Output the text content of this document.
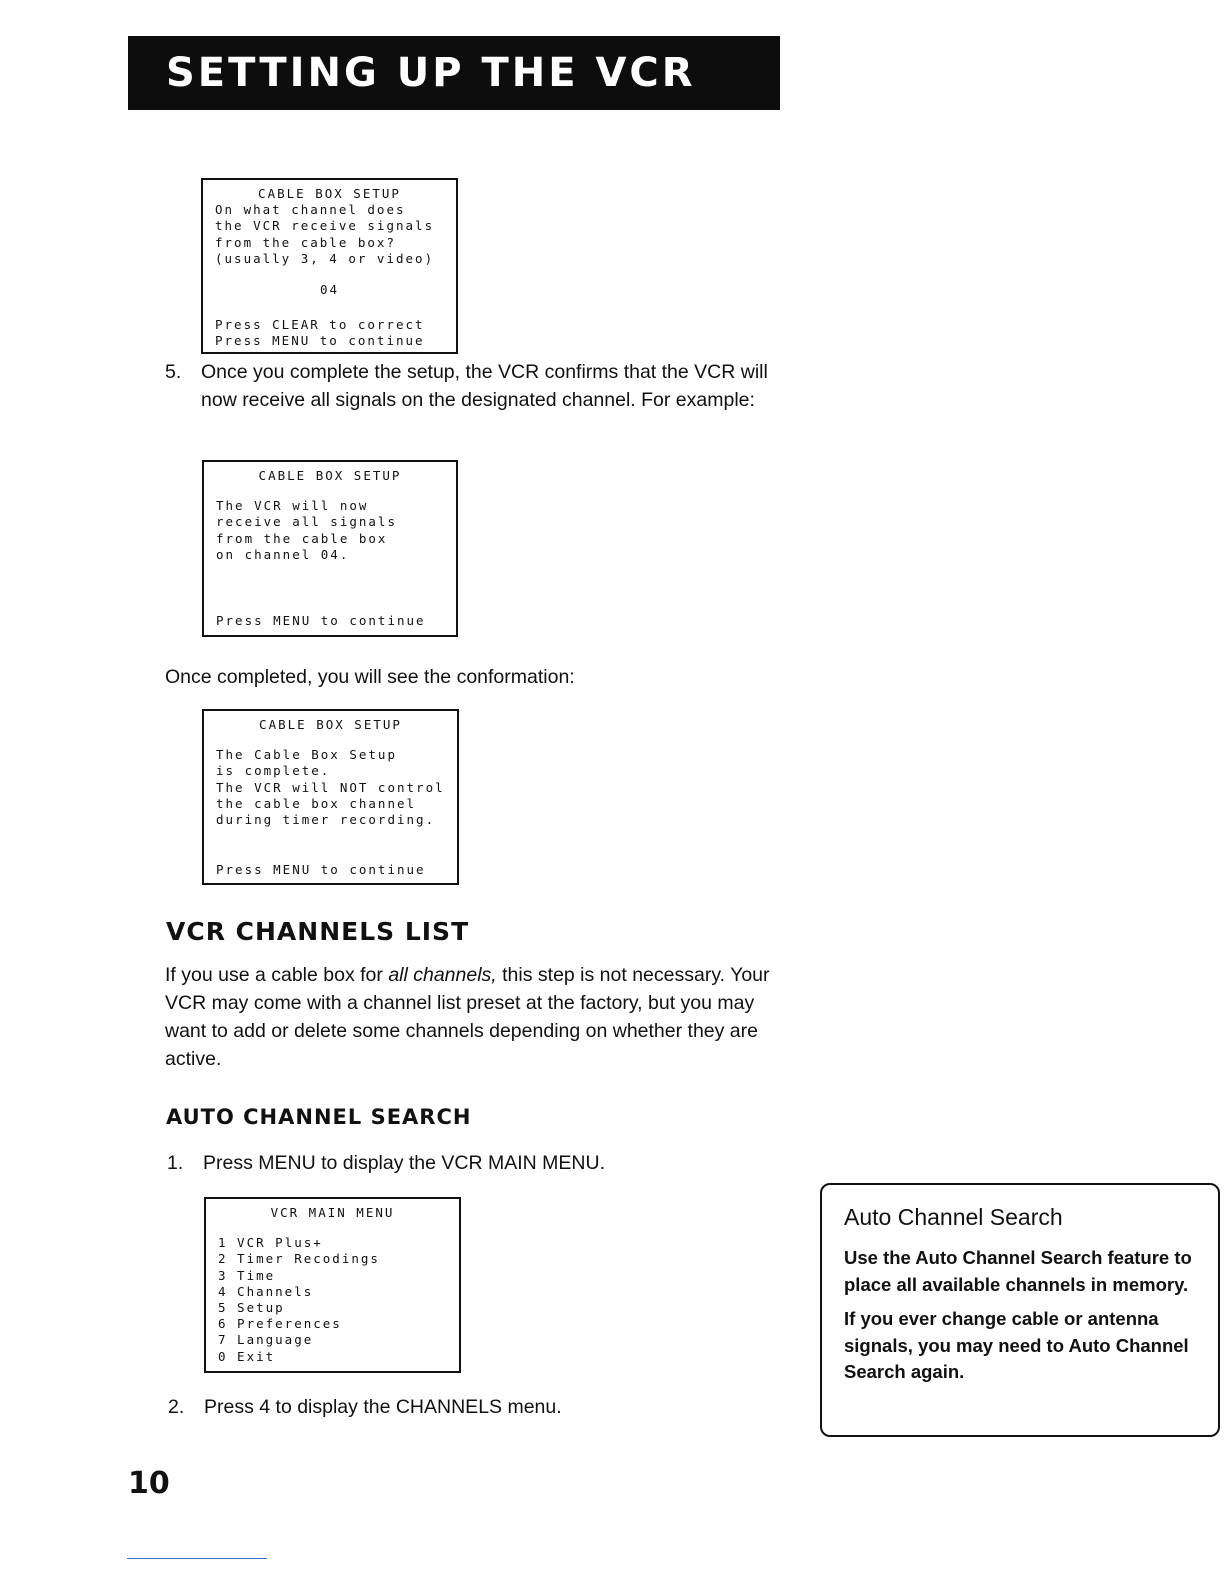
SETTING UP THE VCR
CABLE BOX SETUP
On what channel does
the VCR receive signals
from the cable box?
(usually 3, 4 or video)
04
Press CLEAR to correct
Press MENU to continue
5. Once you complete the setup, the VCR confirms that the VCR will now receive all signals on the designated channel. For example:
CABLE BOX SETUP
The VCR will now
receive all signals
from the cable box
on channel 04.
Press MENU to continue

Once completed, you will see the conformation:

CABLE BOX SETUP
The Cable Box Setup
is complete.
The VCR will NOT control
the cable box channel
during timer recording.
Press MENU to continue
VCR CHANNELS LIST

If you use a cable box for all channels, this step is not necessary. Your VCR may come with a channel list preset at the factory, but you may want to add or delete some channels depending on whether they are active.

AUTO CHANNEL SEARCH
1. Press MENU to display the VCR MAIN MENU.
VCR MAIN MENU
1 VCR Plus+
2 Timer Recodings
3 Time
4 Channels
5 Setup
6 Preferences
7 Language
0 Exit
2. Press 4 to display the CHANNELS menu.
Auto Channel Search

Use the Auto Channel Search feature to place all available channels in memory.

If you ever change cable or antenna signals, you may need to Auto Channel Search again.

10
